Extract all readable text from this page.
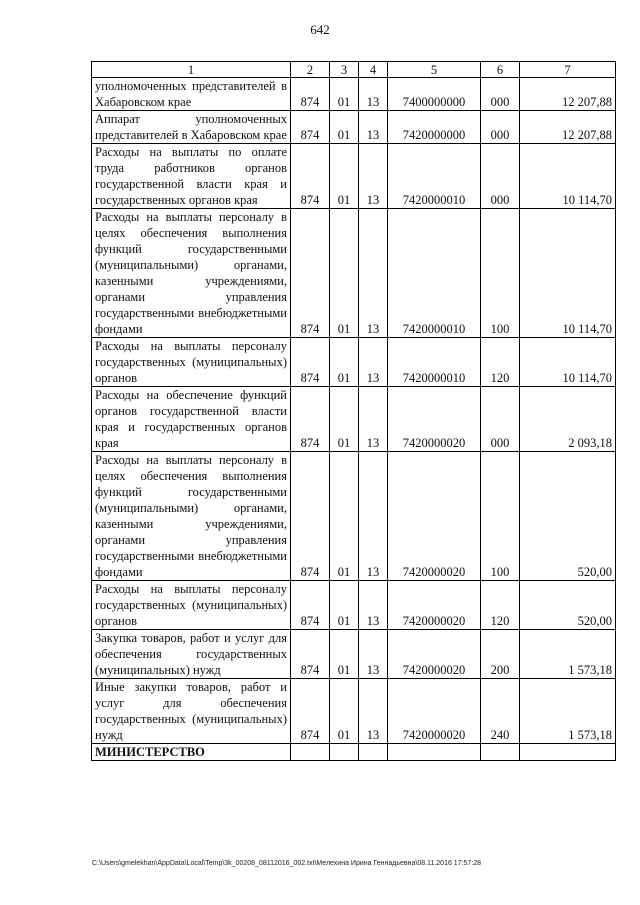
642
1	2	3	4	5	6	7
уполномоченных представителей в Хабаровском крае	874	01	13	7400000000	000	12 207,88
Аппарат уполномоченных представителей в Хабаровском крае	874	01	13	7420000000	000	12 207,88
Расходы на выплаты по оплате труда работников органов государственной власти края и государственных органов края	874	01	13	7420000010	000	10 114,70
Расходы на выплаты персоналу в целях обеспечения выполнения функций государственными (муниципальными) органами, казенными учреждениями, органами управления государственными внебюджетными фондами	874	01	13	7420000010	100	10 114,70
Расходы на выплаты персоналу государственных (муниципальных) органов	874	01	13	7420000010	120	10 114,70
Расходы на обеспечение функций органов государственной власти края и государственных органов края	874	01	13	7420000020	000	2 093,18
Расходы на выплаты персоналу в целях обеспечения выполнения функций государственными (муниципальными) органами, казенными учреждениями, органами управления государственными внебюджетными фондами	874	01	13	7420000020	100	520,00
Расходы на выплаты персоналу государственных (муниципальных) органов	874	01	13	7420000020	120	520,00
Закупка товаров, работ и услуг для обеспечения государственных (муниципальных) нужд	874	01	13	7420000020	200	1 573,18
Иные закупки товаров, работ и услуг для обеспечения государственных (муниципальных) нужд	874	01	13	7420000020	240	1 573,18
МИНИСТЕРСТВО						
C:\Users\gmelekhan\AppData\Local\Temp\3k_00208_08112016_002.txt\Мелехина Ирина Геннадьевна\08.11.2016 17:57:28
